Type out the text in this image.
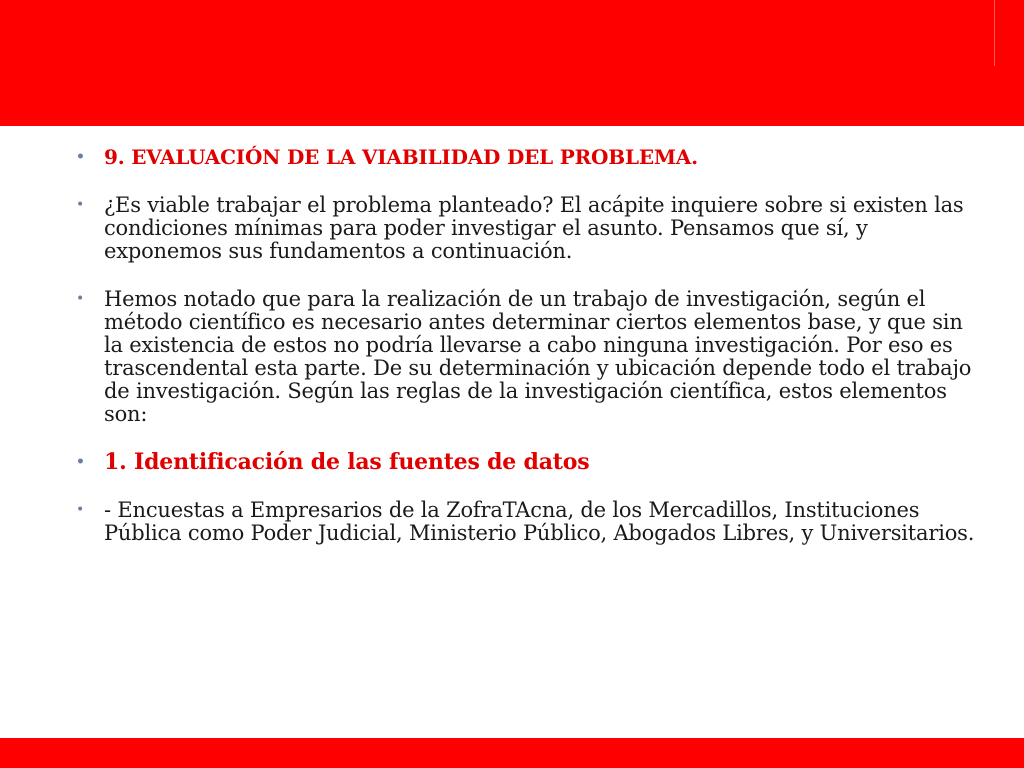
• 9. EVALUACIÓN DE LA VIABILIDAD DEL PROBLEMA.
• ¿Es viable trabajar el problema planteado? El acápite inquiere sobre si existen las condiciones mínimas para poder investigar el asunto. Pensamos que sí, y exponemos sus fundamentos a continuación.
• Hemos notado que para la realización de un trabajo de investigación, según el método científico es necesario antes determinar ciertos elementos base, y que sin la existencia de estos no podría llevarse a cabo ninguna investigación. Por eso es trascendental esta parte. De su determinación y ubicación depende todo el trabajo de investigación. Según las reglas de la investigación científica, estos elementos son:
• 1. Identificación de las fuentes de datos
• - Encuestas a Empresarios de la ZofraTAcna, de los Mercadillos, Instituciones Pública como Poder Judicial, Ministerio Público, Abogados Libres, y Universitarios.
